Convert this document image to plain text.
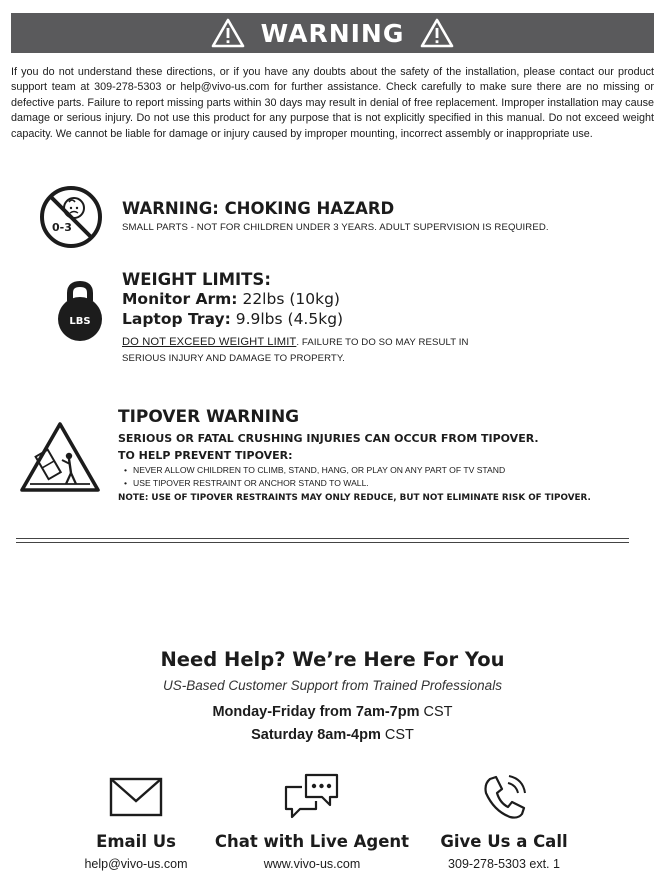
WARNING

If you do not understand these directions, or if you have any doubts about the safety of the installation, please contact our product support team at 309-278-5303 or help@vivo-us.com for further assistance. Check carefully to make sure there are no missing or defective parts. Failure to report missing parts within 30 days may result in denial of free replacement. Improper installation may cause damage or serious injury. Do not use this product for any purpose that is not explicitly specified in this manual. Do not exceed weight capacity. We cannot be liable for damage or injury caused by improper mounting, incorrect assembly or inappropriate use.

0-3
WARNING: CHOKING HAZARD
SMALL PARTS - NOT FOR CHILDREN UNDER 3 YEARS. ADULT SUPERVISION IS REQUIRED.
LBS
WEIGHT LIMITS:
Monitor Arm: 22lbs (10kg)
Laptop Tray: 9.9lbs (4.5kg)
DO NOT EXCEED WEIGHT LIMIT. FAILURE TO DO SO MAY RESULT IN
SERIOUS INJURY AND DAMAGE TO PROPERTY.
TIPOVER WARNING
SERIOUS OR FATAL CRUSHING INJURIES CAN OCCUR FROM TIPOVER.
TO HELP PREVENT TIPOVER:
• NEVER ALLOW CHILDREN TO CLIMB, STAND, HANG, OR PLAY ON ANY PART OF TV STAND
• USE TIPOVER RESTRAINT OR ANCHOR STAND TO WALL.
NOTE: USE OF TIPOVER RESTRAINTS MAY ONLY REDUCE, BUT NOT ELIMINATE RISK OF TIPOVER.
Need Help? We’re Here For You
US-Based Customer Support from Trained Professionals
Monday-Friday from 7am-7pm CST
Saturday 8am-4pm CST
Email Us
help@vivo-us.com
Chat with Live Agent
www.vivo-us.com
Give Us a Call
309-278-5303 ext. 1
